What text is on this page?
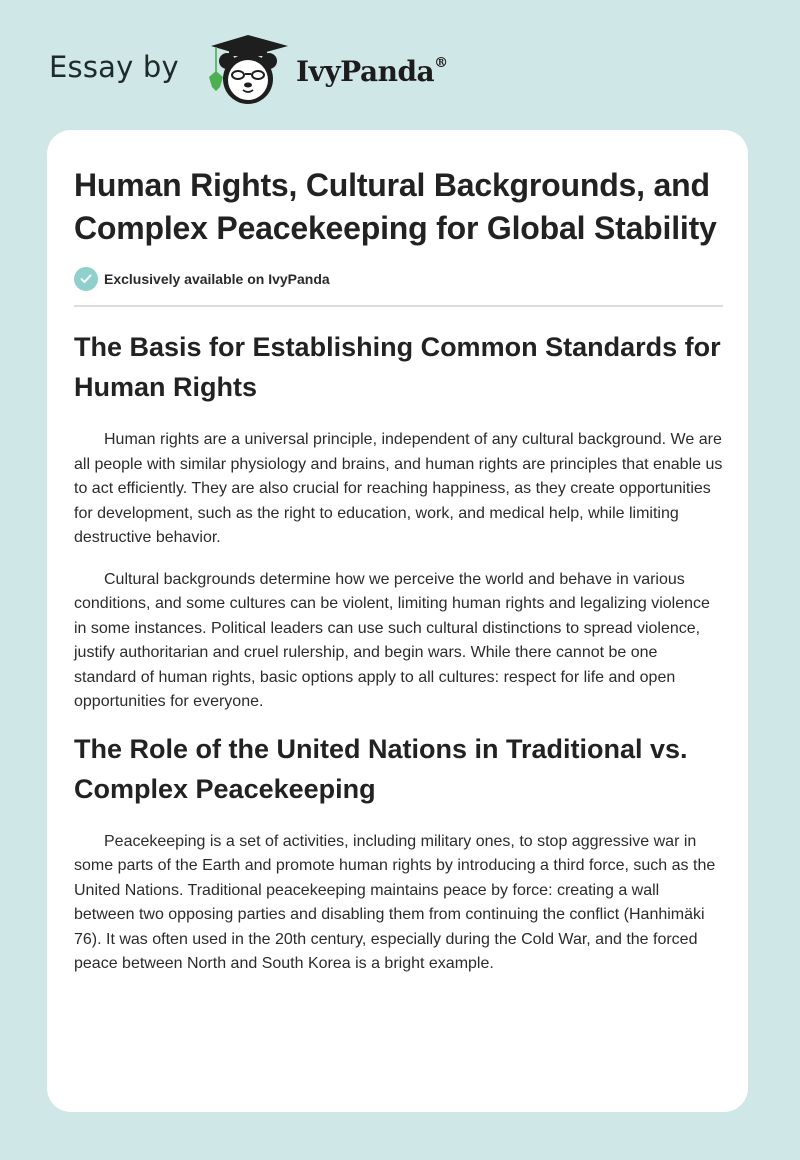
Essay by	IvyPanda®
Human Rights, Cultural Backgrounds, and Complex Peacekeeping for Global Stability
Exclusively available on IvyPanda
The Basis for Establishing Common Standards for Human Rights

Human rights are a universal principle, independent of any cultural background. We are all people with similar physiology and brains, and human rights are principles that enable us to act efficiently. They are also crucial for reaching happiness, as they create opportunities for development, such as the right to education, work, and medical help, while limiting destructive behavior.

Cultural backgrounds determine how we perceive the world and behave in various conditions, and some cultures can be violent, limiting human rights and legalizing violence in some instances. Political leaders can use such cultural distinctions to spread violence, justify authoritarian and cruel rulership, and begin wars. While there cannot be one standard of human rights, basic options apply to all cultures: respect for life and open opportunities for everyone.

The Role of the United Nations in Traditional vs. Complex Peacekeeping

Peacekeeping is a set of activities, including military ones, to stop aggressive war in some parts of the Earth and promote human rights by introducing a third force, such as the United Nations. Traditional peacekeeping maintains peace by force: creating a wall between two opposing parties and disabling them from continuing the conflict (Hanhimäki 76). It was often used in the 20th century, especially during the Cold War, and the forced peace between North and South Korea is a bright example.
